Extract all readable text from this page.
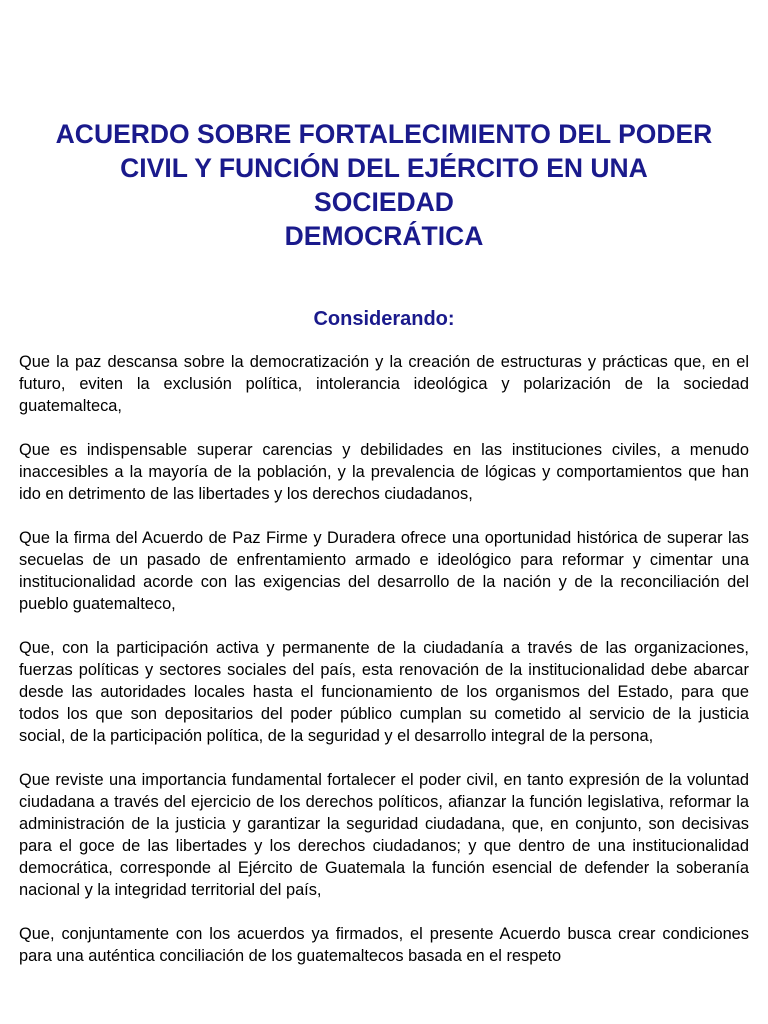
ACUERDO SOBRE FORTALECIMIENTO DEL PODER
CIVIL Y FUNCIÓN DEL EJÉRCITO EN UNA
SOCIEDAD
DEMOCRÁTICA
Considerando:

Que la paz descansa sobre la democratización y la creación de estructuras y prácticas que, en el futuro, eviten la exclusión política, intolerancia ideológica y polarización de la sociedad guatemalteca,

Que es indispensable superar carencias y debilidades en las instituciones civiles, a menudo inaccesibles a la mayoría de la población, y la prevalencia de lógicas y comportamientos que han ido en detrimento de las libertades y los derechos ciudadanos,

Que la firma del Acuerdo de Paz Firme y Duradera ofrece una oportunidad histórica de superar las secuelas de un pasado de enfrentamiento armado e ideológico para reformar y cimentar una institucionalidad acorde con las exigencias del desarrollo de la nación y de la reconciliación del pueblo guatemalteco,

Que, con la participación activa y permanente de la ciudadanía a través de las organizaciones, fuerzas políticas y sectores sociales del país, esta renovación de la institucionalidad debe abarcar desde las autoridades locales hasta el funcionamiento de los organismos del Estado, para que todos los que son depositarios del poder público cumplan su cometido al servicio de la justicia social, de la participación política, de la seguridad y el desarrollo integral de la persona,

Que reviste una importancia fundamental fortalecer el poder civil, en tanto expresión de la voluntad ciudadana a través del ejercicio de los derechos políticos, afianzar la función legislativa, reformar la administración de la justicia y garantizar la seguridad ciudadana, que, en conjunto, son decisivas para el goce de las libertades y los derechos ciudadanos; y que dentro de una institucionalidad democrática, corresponde al Ejército de Guatemala la función esencial de defender la soberanía nacional y la integridad territorial del país,

Que, conjuntamente con los acuerdos ya firmados, el presente Acuerdo busca crear condiciones para una auténtica conciliación de los guatemaltecos basada en el respeto
